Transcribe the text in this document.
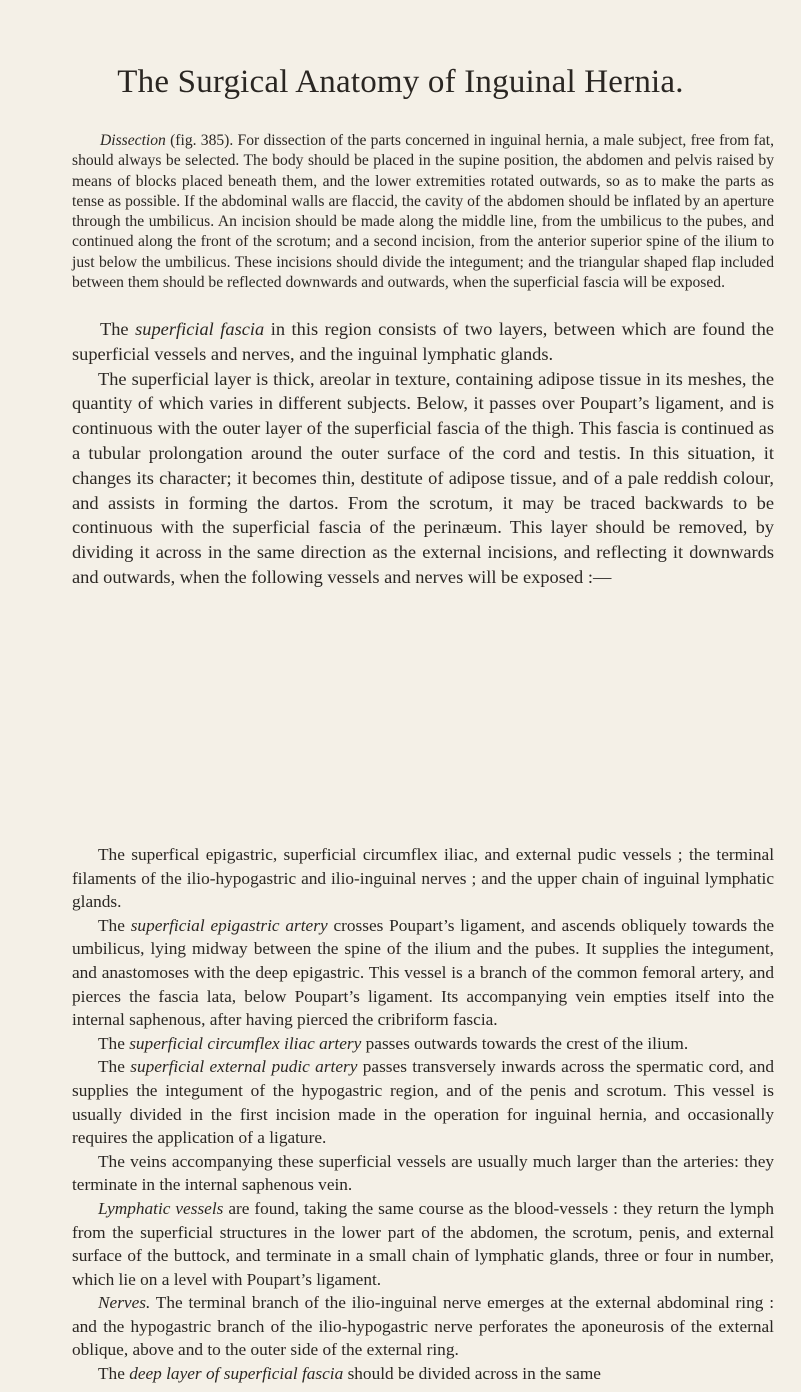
The Surgical Anatomy of Inguinal Hernia.

Dissection (fig. 385). For dissection of the parts concerned in inguinal hernia, a male subject, free from fat, should always be selected. The body should be placed in the supine position, the abdomen and pelvis raised by means of blocks placed beneath them, and the lower extremities rotated outwards, so as to make the parts as tense as possible. If the abdominal walls are flaccid, the cavity of the abdomen should be inflated by an aperture through the umbilicus. An incision should be made along the middle line, from the umbilicus to the pubes, and continued along the front of the scrotum; and a second incision, from the anterior superior spine of the ilium to just below the umbilicus. These incisions should divide the integument; and the triangular shaped flap included between them should be reflected downwards and outwards, when the superficial fascia will be exposed.

The superficial fascia in this region consists of two layers, between which are found the superficial vessels and nerves, and the inguinal lymphatic glands.

The superficial layer is thick, areolar in texture, containing adipose tissue in its meshes, the quantity of which varies in different subjects. Below, it passes over Poupart’s ligament, and is continuous with the outer layer of the superficial fascia of the thigh. This fascia is continued as a tubular prolongation around the outer surface of the cord and testis. In this situation, it changes its character; it becomes thin, destitute of adipose tissue, and of a pale reddish colour, and assists in forming the dartos. From the scrotum, it may be traced backwards to be continuous with the superficial fascia of the perinæum. This layer should be removed, by dividing it across in the same direction as the external incisions, and reflecting it downwards and outwards, when the following vessels and nerves will be exposed :—

The superfical epigastric, superficial circumflex iliac, and external pudic vessels ; the terminal filaments of the ilio-hypogastric and ilio-inguinal nerves ; and the upper chain of inguinal lymphatic glands.

The superficial epigastric artery crosses Poupart’s ligament, and ascends obliquely towards the umbilicus, lying midway between the spine of the ilium and the pubes. It supplies the integument, and anastomoses with the deep epigastric. This vessel is a branch of the common femoral artery, and pierces the fascia lata, below Poupart’s ligament. Its accompanying vein empties itself into the internal saphenous, after having pierced the cribriform fascia.

The superficial circumflex iliac artery passes outwards towards the crest of the ilium.

The superficial external pudic artery passes transversely inwards across the spermatic cord, and supplies the integument of the hypogastric region, and of the penis and scrotum. This vessel is usually divided in the first incision made in the operation for inguinal hernia, and occasionally requires the application of a ligature.

The veins accompanying these superficial vessels are usually much larger than the arteries: they terminate in the internal saphenous vein.

Lymphatic vessels are found, taking the same course as the blood-vessels : they return the lymph from the superficial structures in the lower part of the abdomen, the scrotum, penis, and external surface of the buttock, and terminate in a small chain of lymphatic glands, three or four in number, which lie on a level with Poupart’s ligament.

Nerves. The terminal branch of the ilio-inguinal nerve emerges at the external abdominal ring : and the hypogastric branch of the ilio-hypogastric nerve perforates the aponeurosis of the external oblique, above and to the outer side of the external ring.

The deep layer of superficial fascia should be divided across in the same
